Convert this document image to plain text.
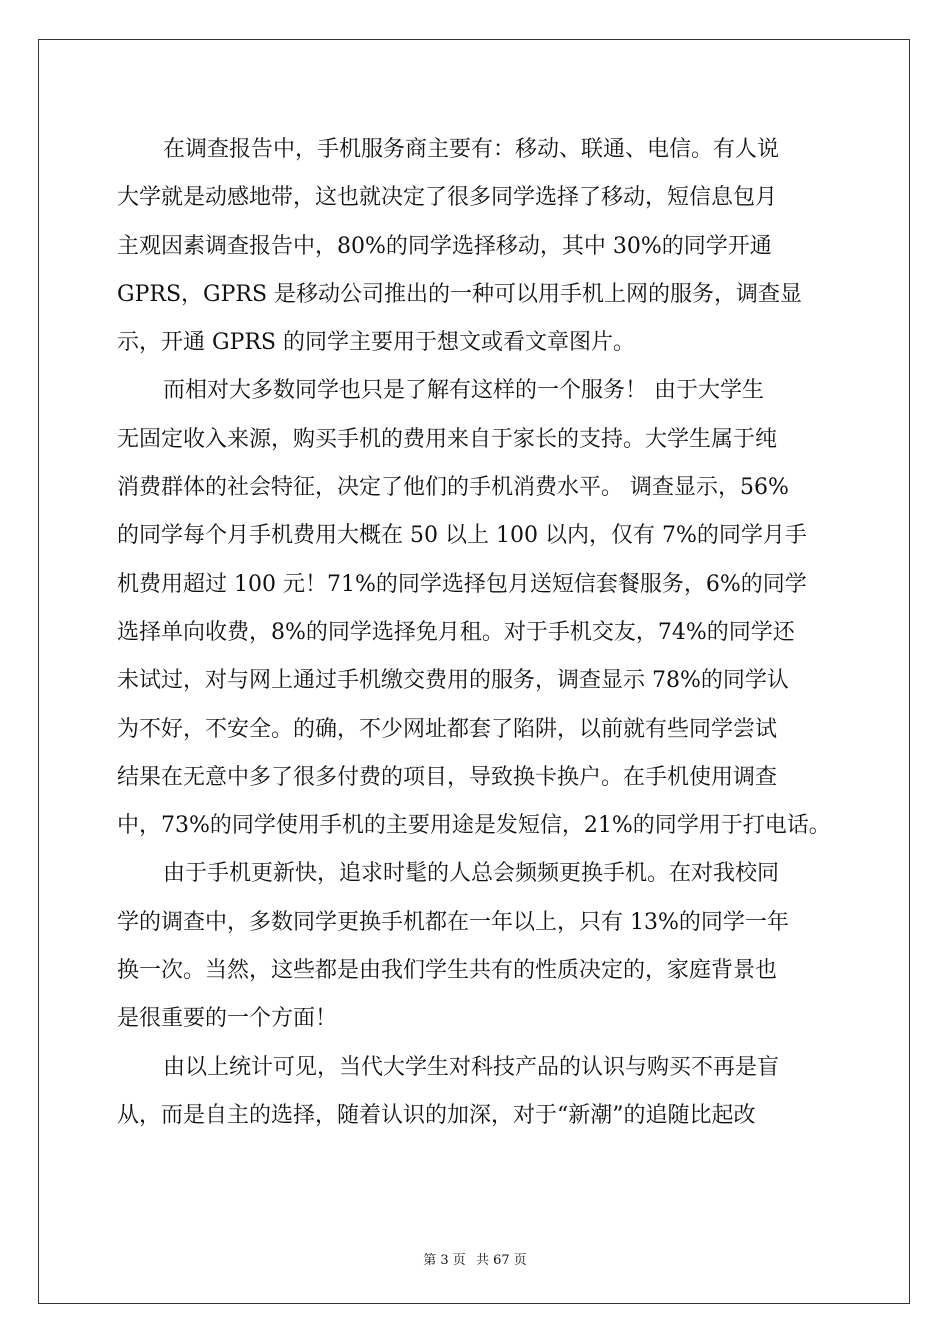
在调查报告中，手机服务商主要有：移动、联通、电信。有人说
大学就是动感地带，这也就决定了很多同学选择了移动，短信息包月
主观因素调查报告中，80%的同学选择移动，其中 30%的同学开通
GPRS，GPRS 是移动公司推出的一种可以用手机上网的服务，调查显
示，开通 GPRS 的同学主要用于想文或看文章图片。

而相对大多数同学也只是了解有这样的一个服务！ 由于大学生
无固定收入来源，购买手机的费用来自于家长的支持。大学生属于纯
消费群体的社会特征，决定了他们的手机消费水平。 调查显示，56%
的同学每个月手机费用大概在 50 以上 100 以内，仅有 7%的同学月手
机费用超过 100 元！71%的同学选择包月送短信套餐服务，6%的同学
选择单向收费，8%的同学选择免月租。对于手机交友，74%的同学还
未试过，对与网上通过手机缴交费用的服务，调查显示 78%的同学认
为不好，不安全。的确，不少网址都套了陷阱，以前就有些同学尝试
结果在无意中多了很多付费的项目，导致换卡换户。在手机使用调查
中，73%的同学使用手机的主要用途是发短信，21%的同学用于打电话。

由于手机更新快，追求时髦的人总会频频更换手机。在对我校同
学的调查中，多数同学更换手机都在一年以上，只有 13%的同学一年
换一次。当然，这些都是由我们学生共有的性质决定的，家庭背景也
是很重要的一个方面！

由以上统计可见，当代大学生对科技产品的认识与购买不再是盲
从，而是自主的选择，随着认识的加深，对于“新潮”的追随比起改

第 3 页 共 67 页
